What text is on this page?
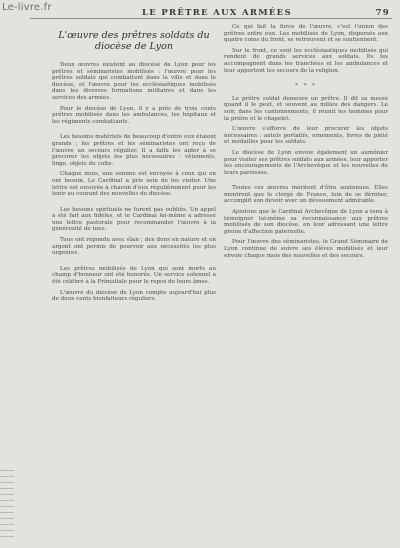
Le-livre.fr	LE PRÊTRE AUX ARMÉES	79
L'œuvre des prêtres soldats du diocèse de Lyon

Deux œuvres existent au diocèse de Lyon pour les prêtres et séminaristes mobilisés : l'œuvre pour les prêtres soldats qui combattent dans la ville et dans le diocèse, et l'œuvre pour les ecclésiastiques mobilisés dans les diverses formations militaires et dans les services des armées.

Pour le diocèse de Lyon, il y a près de trois cents prêtres mobilisés dans les ambulances, les hôpitaux et les régiments combattants.

Les besoins matériels de beaucoup d'entre eux étaient grands ; les prêtres et les séminaristes ont reçu de l'œuvre un secours régulier. Il a fallu les aider à se procurer les objets les plus nécessaires : vêtements, linge, objets du culte.

Chaque mois, une somme est envoyée à ceux qui en ont besoin. Le Cardinal a pris soin de les visiter. Une lettre est envoyée à chacun d'eux régulièrement pour les tenir au courant des nouvelles du diocèse.

Les besoins spirituels ne furent pas oubliés. Un appel a été fait aux fidèles, et le Cardinal lui-même a adressé une lettre pastorale pour recommander l'œuvre à la générosité de tous.

Tous ont répondu avec élan ; des dons en nature et en argent ont permis de pourvoir aux nécessités les plus urgentes.

Les prêtres mobilisés de Lyon qui sont morts au champ d'honneur ont été honorés. Un service solennel a été célébré à la Primatiale pour le repos de leurs âmes.

L'œuvre du diocèse de Lyon compte aujourd'hui plus de deux cents bienfaiteurs réguliers.

Ce qui fait la force de l'œuvre, c'est l'union des prêtres entre eux. Les mobilisés de Lyon, dispersés aux quatre coins du front, se retrouvent et se soutiennent.

Sur le front, ce sont les ecclésiastiques mobilisés qui rendent de grands services aux soldats. Ils les accompagnent dans les tranchées et les ambulances et leur apportent les secours de la religion.

* * *

Le prêtre soldat demeure un prêtre. Il dit sa messe quand il le peut, et souvent au milieu des dangers. Le soir, dans les cantonnements, il réunit les hommes pour la prière et le chapelet.

L'œuvre s'efforce de leur procurer les objets nécessaires : autels portatifs, ornements, livres de piété et médailles pour les soldats.

Le diocèse de Lyon envoie également un aumônier pour visiter ses prêtres soldats aux armées, leur apporter les encouragements de l'Archevêque et les nouvelles de leurs paroisses.

Toutes ces œuvres méritent d'être soutenues. Elles montrent que le clergé de France, loin de se dérober, accomplit son devoir avec un dévouement admirable.

Ajoutons que le Cardinal Archevêque de Lyon a tenu à témoigner lui-même sa reconnaissance aux prêtres mobilisés de son diocèse, en leur adressant une lettre pleine d'affection paternelle.

Pour l'œuvre des séminaristes, le Grand Séminaire de Lyon continue de suivre ses élèves mobilisés et leur envoie chaque mois des nouvelles et des secours.
